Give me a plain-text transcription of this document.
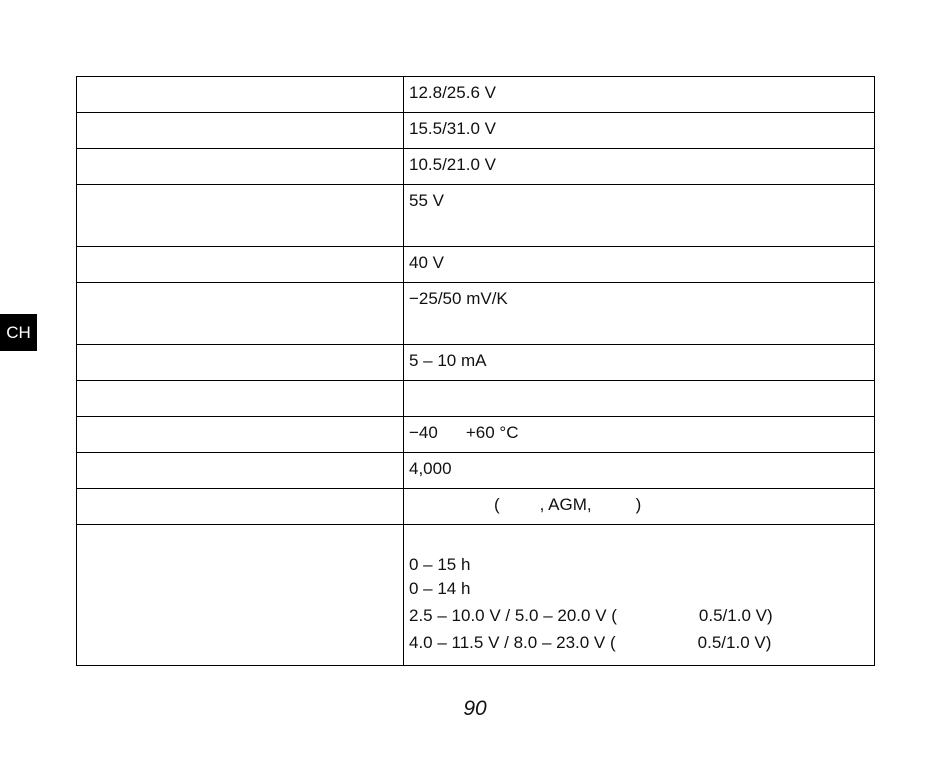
CH
	12.8/25.6 V
	15.5/31.0 V
	10.5/21.0 V
	55 V
	40 V
	−25/50 mV/K
	5 – 10 mA

	−40 +60 °C
	4,000
	( , AGM, )

	0 – 15 h
0 – 14 h
2.5 – 10.0 V / 5.0 – 20.0 V ( 0.5/1.0 V)
4.0 – 11.5 V / 8.0 – 23.0 V ( 0.5/1.0 V)
90
